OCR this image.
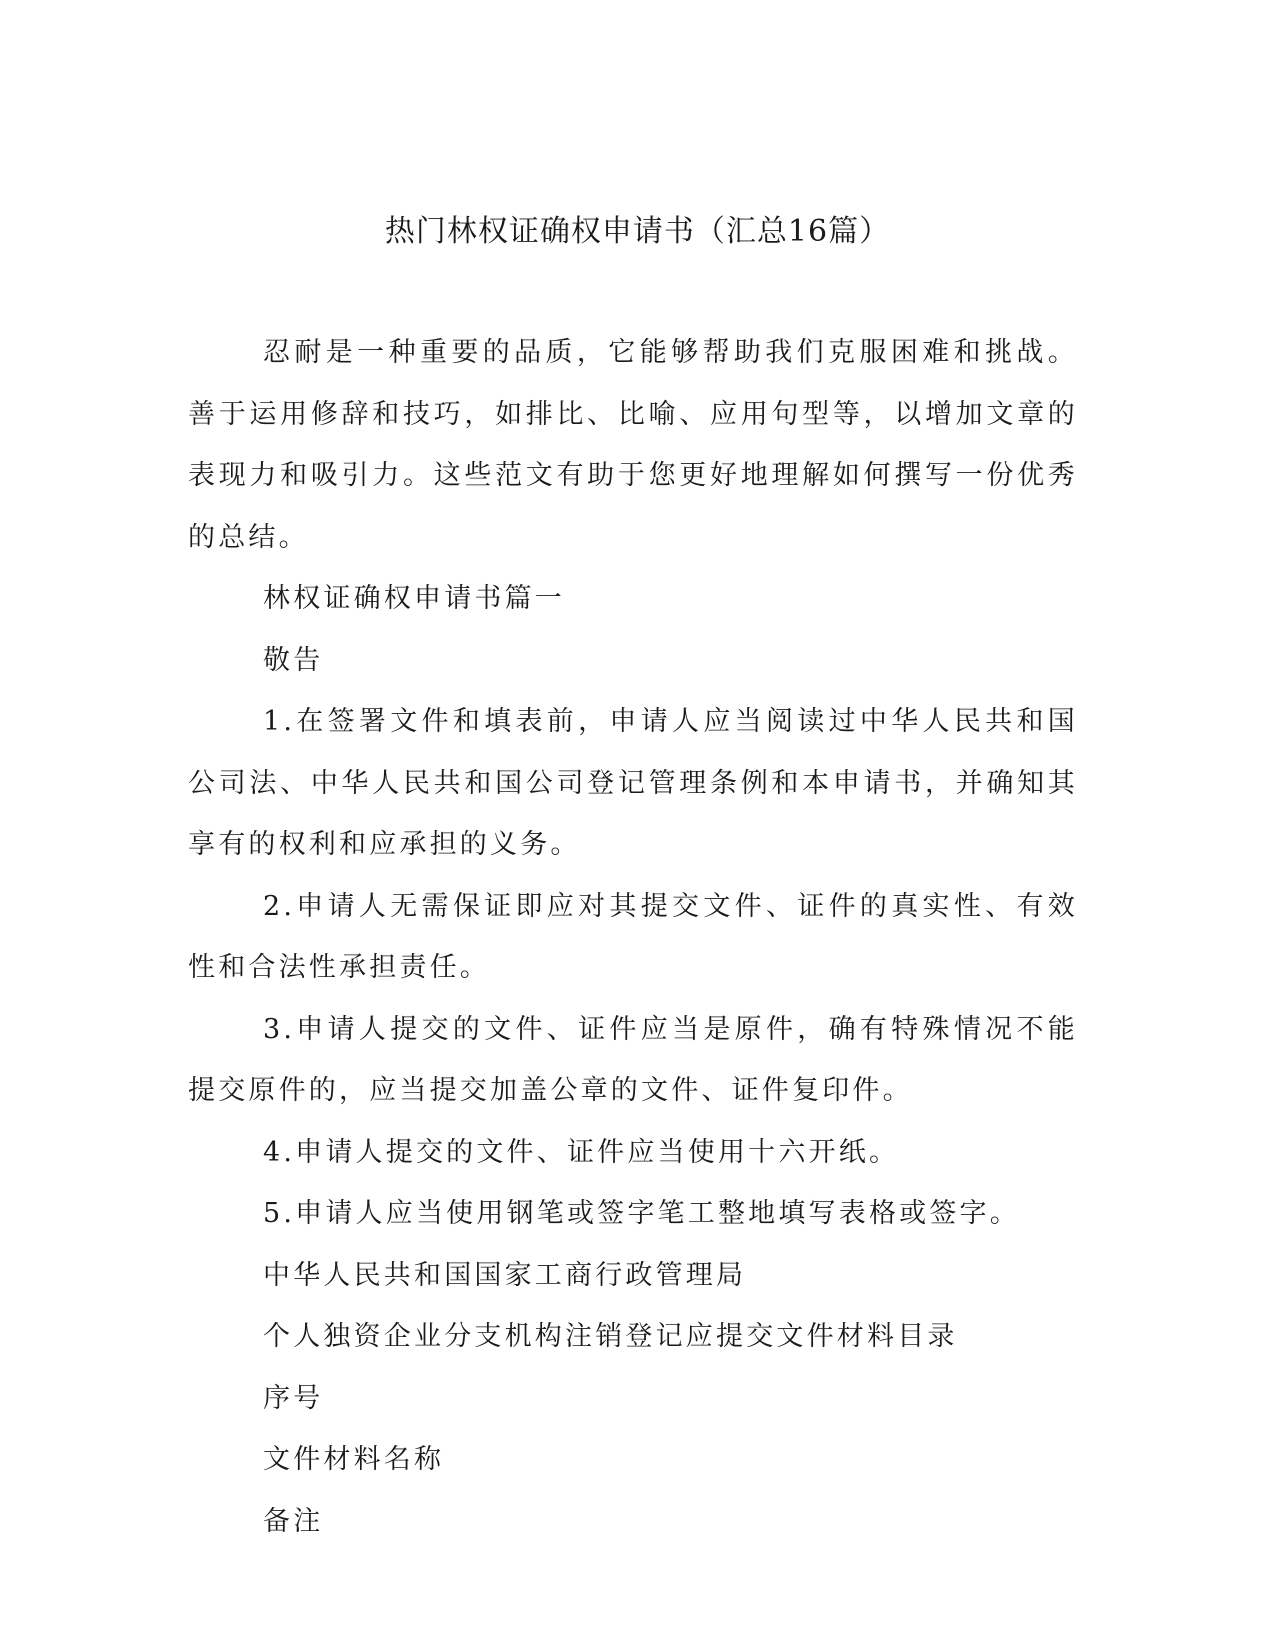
热门林权证确权申请书（汇总16篇）

忍耐是一种重要的品质，它能够帮助我们克服困难和挑战。善于运用修辞和技巧，如排比、比喻、应用句型等，以增加文章的表现力和吸引力。这些范文有助于您更好地理解如何撰写一份优秀的总结。

林权证确权申请书篇一

敬告

1.在签署文件和填表前，申请人应当阅读过中华人民共和国公司法、中华人民共和国公司登记管理条例和本申请书，并确知其享有的权利和应承担的义务。

2.申请人无需保证即应对其提交文件、证件的真实性、有效性和合法性承担责任。

3.申请人提交的文件、证件应当是原件，确有特殊情况不能提交原件的，应当提交加盖公章的文件、证件复印件。

4.申请人提交的文件、证件应当使用十六开纸。

5.申请人应当使用钢笔或签字笔工整地填写表格或签字。

中华人民共和国国家工商行政管理局

个人独资企业分支机构注销登记应提交文件材料目录

序号

文件材料名称

备注
